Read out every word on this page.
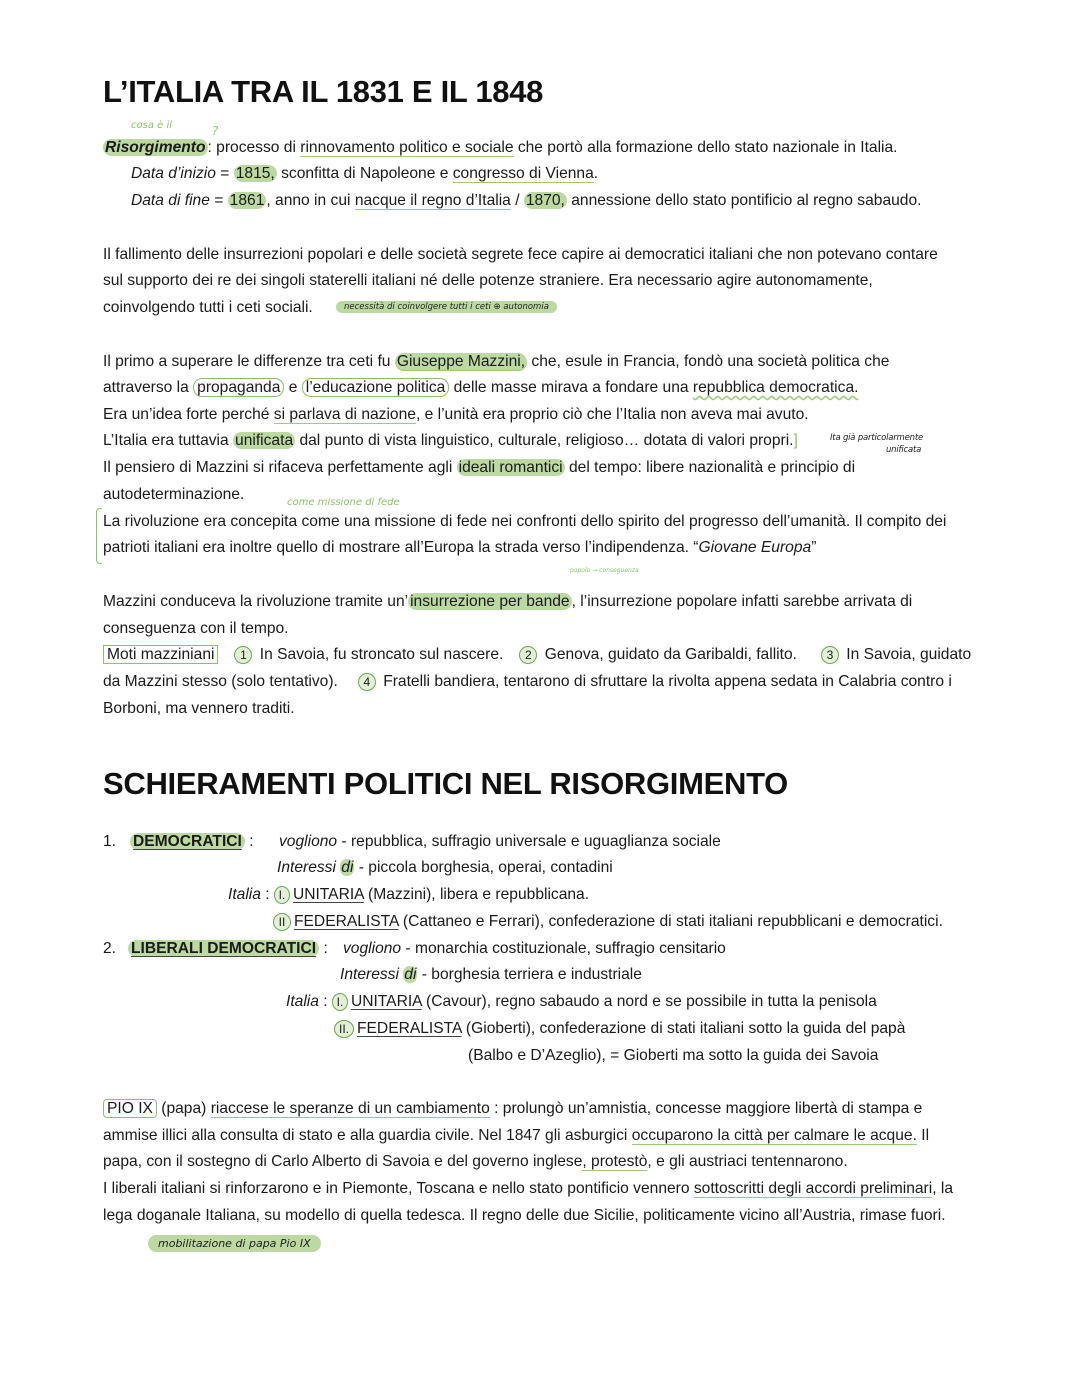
L’ITALIA TRA IL 1831 E IL 1848
cosa è il	?
Risorgimento : processo di rinnovamento politico e sociale che portò alla formazione dello stato nazionale in Italia.
Data d’inizio = 1815, sconfitta di Napoleone e congresso di Vienna.
Data di fine = 1861 , anno in cui nacque il regno d’Italia / 1870, annessione dello stato pontificio al regno sabaudo.
Il fallimento delle insurrezioni popolari e delle società segrete fece capire ai democratici italiani che non potevano contare
sul supporto dei re dei singoli staterelli italiani né delle potenze straniere. Era necessario agire autonomamente,
coinvolgendo tutti i ceti sociali.	necessità di coinvolgere tutti i ceti ⊕ autonomia
Il primo a superare le differenze tra ceti fu Giuseppe Mazzini, che, esule in Francia, fondò una società politica che
attraverso la propaganda e l’educazione politica delle masse mirava a fondare una repubblica democratica.
Era un’idea forte perché si parlava di nazione, e l’unità era proprio ciò che l’Italia non aveva mai avuto.
L’Italia era tuttavia unificata dal punto di vista linguistico, culturale, religioso… dotata di valori propri.]	Ita già particolarmente
unificata
Il pensiero di Mazzini si rifaceva perfettamente agli ideali romantici del tempo: libere nazionalità e principio di
autodeterminazione.	come missione di fede
La rivoluzione era concepita come una missione di fede nei confronti dello spirito del progresso dell’umanità. Il compito dei
patrioti italiani era inoltre quello di mostrare all’Europa la strada verso l’indipendenza. “Giovane Europa”
popolo → conseguenza
Mazzini conduceva la rivoluzione tramite un’ insurrezione per bande , l’insurrezione popolare infatti sarebbe arrivata di
conseguenza con il tempo.
Moti mazziniani 1 In Savoia, fu stroncato sul nascere. 2 Genova, guidato da Garibaldi, fallito. 3 In Savoia, guidato
da Mazzini stesso (solo tentativo). 4 Fratelli bandiera, tentarono di sfruttare la rivolta appena sedata in Calabria contro i
Borboni, ma vennero traditi.
SCHIERAMENTI POLITICI NEL RISORGIMENTO
1. DEMOCRATICI : vogliono - repubblica, suffragio universale e uguaglianza sociale
Interessi di - piccola borghesia, operai, contadini
Italia : I. UNITARIA (Mazzini), libera e repubblicana.
II FEDERALISTA (Cattaneo e Ferrari), confederazione di stati italiani repubblicani e democratici.
2. LIBERALI DEMOCRATICI : vogliono - monarchia costituzionale, suffragio censitario
Interessi di - borghesia terriera e industriale
Italia : I. UNITARIA (Cavour), regno sabaudo a nord e se possibile in tutta la penisola
II. FEDERALISTA (Gioberti), confederazione di stati italiani sotto la guida del papà
(Balbo e D’Azeglio), = Gioberti ma sotto la guida dei Savoia
PIO IX (papa) riaccese le speranze di un cambiamento : prolungò un’amnistia, concesse maggiore libertà di stampa e
ammise illici alla consulta di stato e alla guardia civile. Nel 1847 gli asburgici occuparono la città per calmare le acque. Il
papa, con il sostegno di Carlo Alberto di Savoia e del governo inglese, protestò, e gli austriaci tentennarono.
I liberali italiani si rinforzarono e in Piemonte, Toscana e nello stato pontificio vennero sottoscritti degli accordi preliminari, la
lega doganale Italiana, su modello di quella tedesca. Il regno delle due Sicilie, politicamente vicino all’Austria, rimase fuori.
mobilitazione di papa Pio IX
